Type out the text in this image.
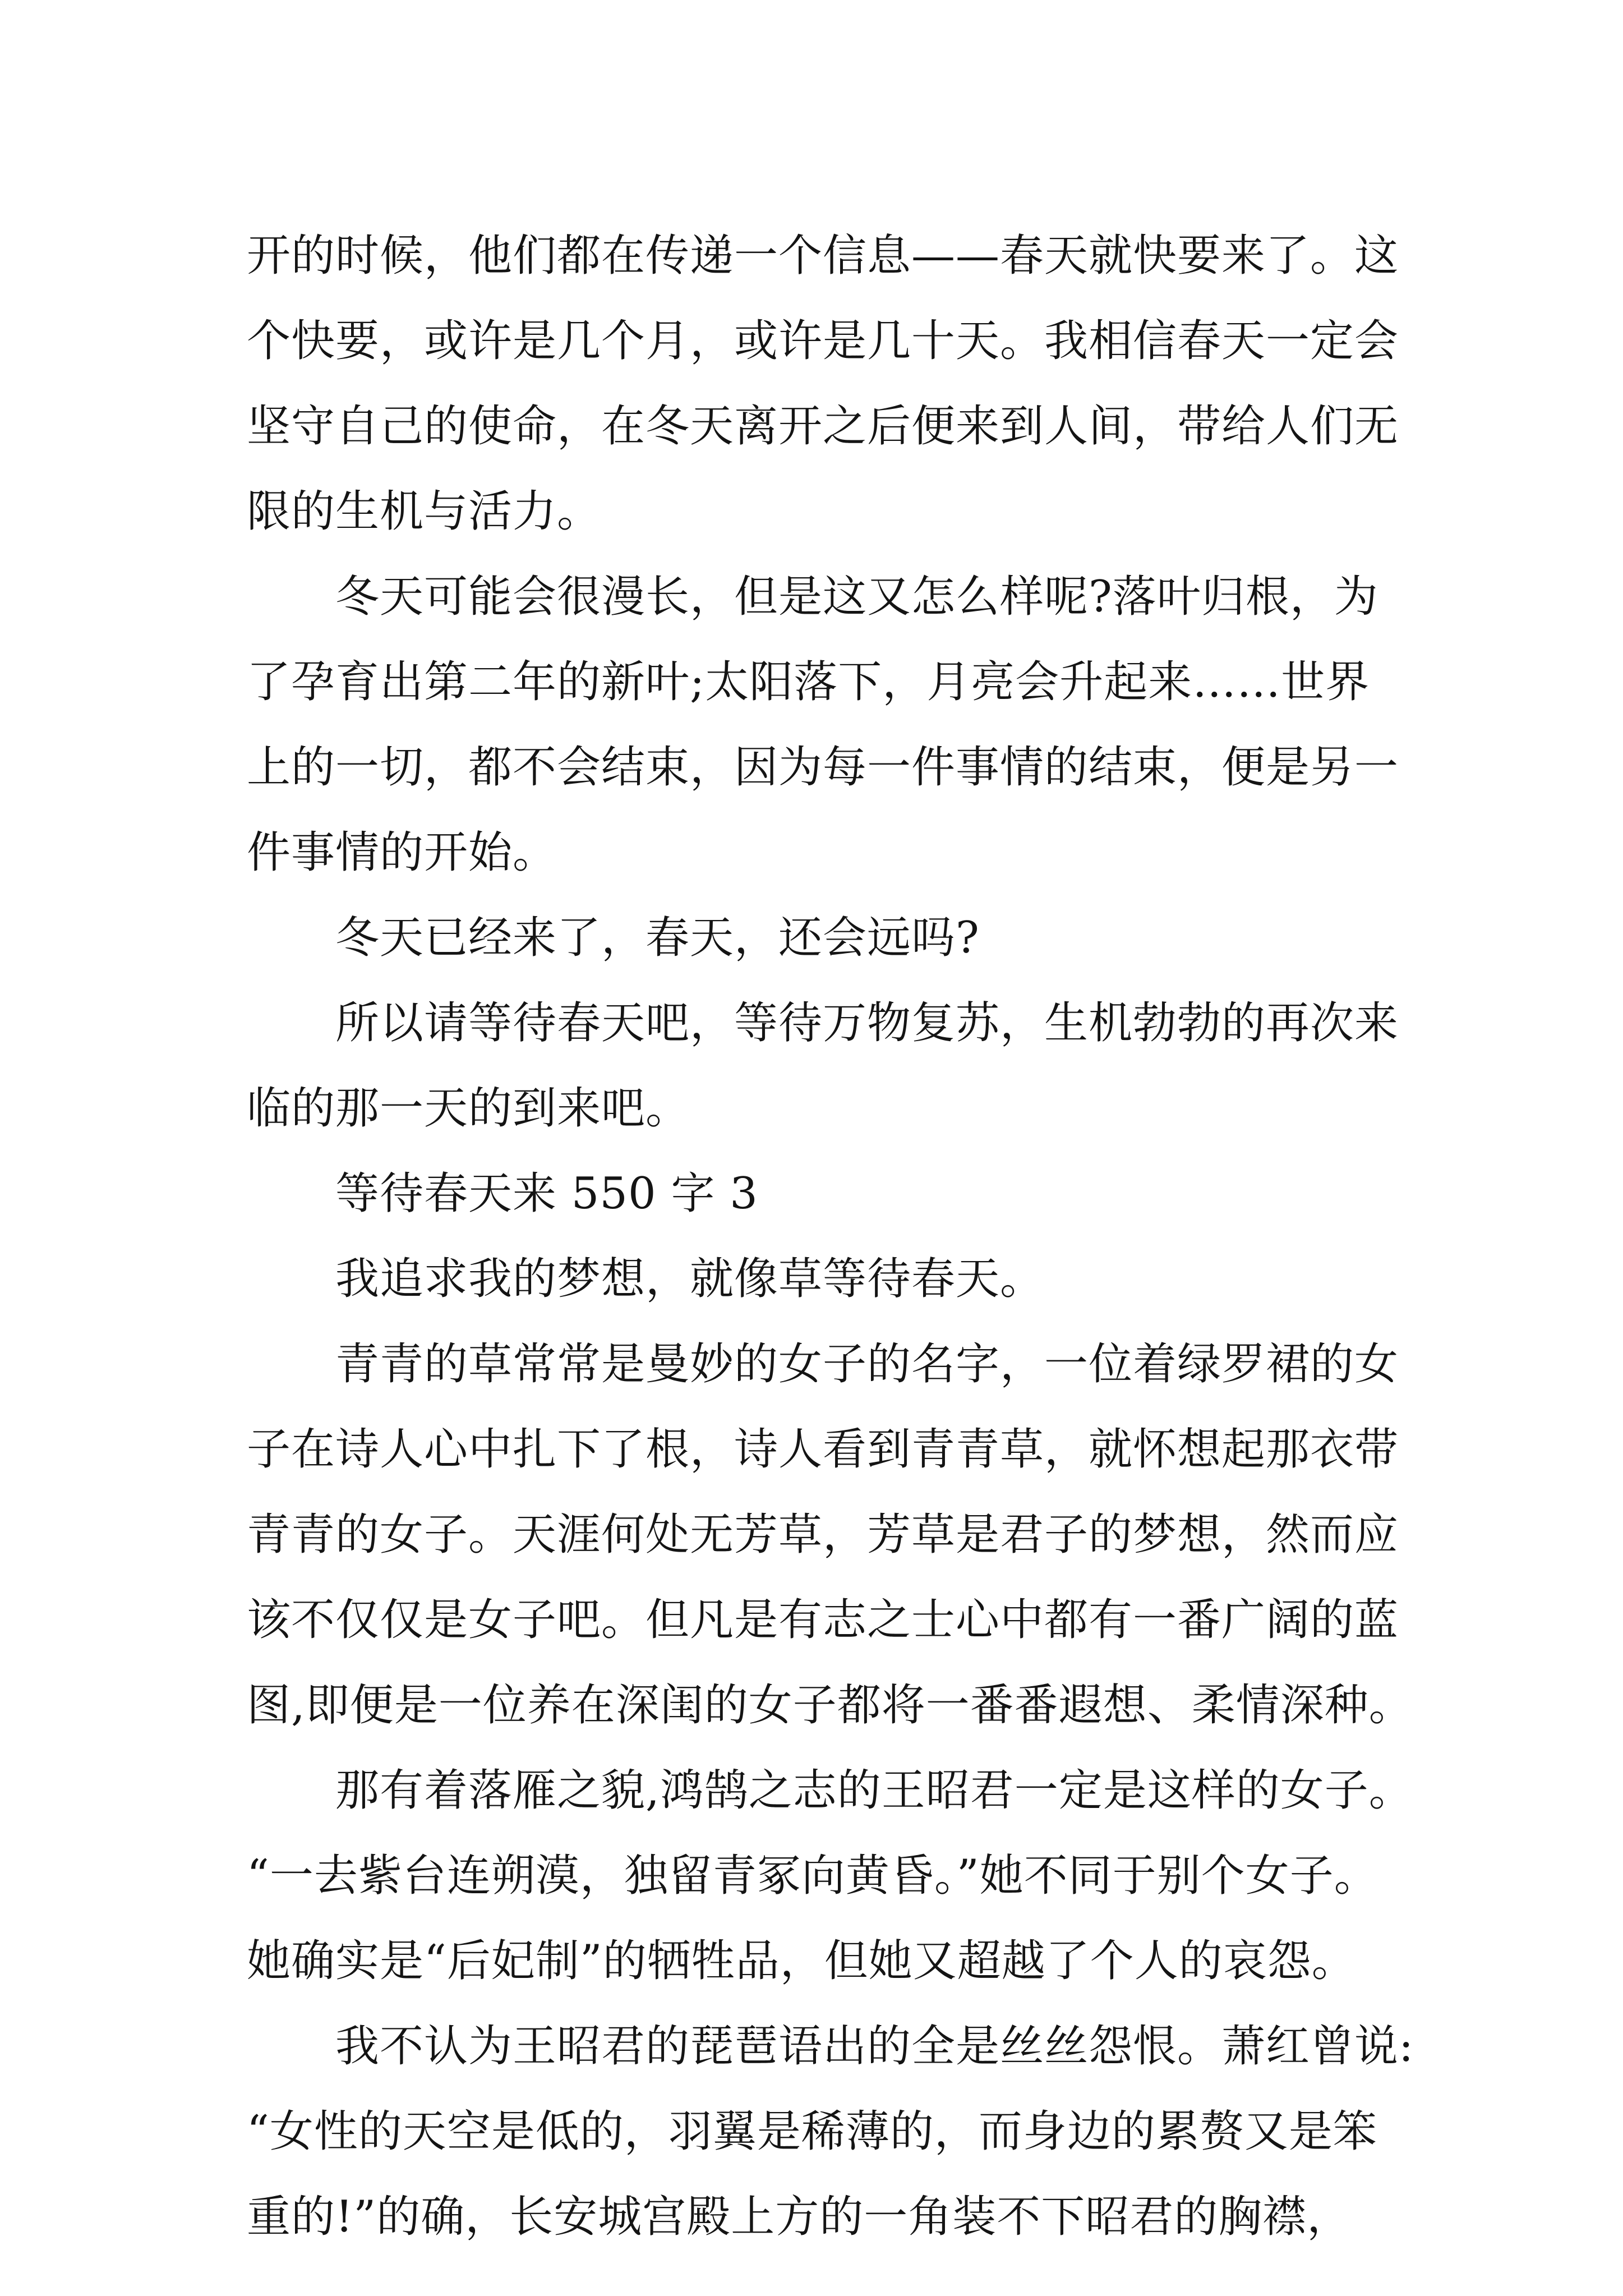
开的时候，他们都在传递一个信息——春天就快要来了。这
个快要，或许是几个月，或许是几十天。我相信春天一定会
坚守自己的使命，在冬天离开之后便来到人间，带给人们无
限的生机与活力。
冬天可能会很漫长，但是这又怎么样呢?落叶归根，为
了孕育出第二年的新叶;太阳落下，月亮会升起来……世界
上的一切，都不会结束，因为每一件事情的结束，便是另一
件事情的开始。
冬天已经来了，春天，还会远吗?
所以请等待春天吧，等待万物复苏，生机勃勃的再次来
临的那一天的到来吧。
等待春天来 550 字 3
我追求我的梦想，就像草等待春天。
青青的草常常是曼妙的女子的名字，一位着绿罗裙的女
子在诗人心中扎下了根，诗人看到青青草，就怀想起那衣带
青青的女子。天涯何处无芳草，芳草是君子的梦想，然而应
该不仅仅是女子吧。但凡是有志之士心中都有一番广阔的蓝
图,即便是一位养在深闺的女子都将一番番遐想、柔情深种。
那有着落雁之貌,鸿鹄之志的王昭君一定是这样的女子。
“一去紫台连朔漠，独留青冢向黄昏。”她不同于别个女子。
她确实是“后妃制”的牺牲品，但她又超越了个人的哀怨。
我不认为王昭君的琵琶语出的全是丝丝怨恨。萧红曾说:
“女性的天空是低的，羽翼是稀薄的，而身边的累赘又是笨
重的!”的确，长安城宫殿上方的一角装不下昭君的胸襟，
